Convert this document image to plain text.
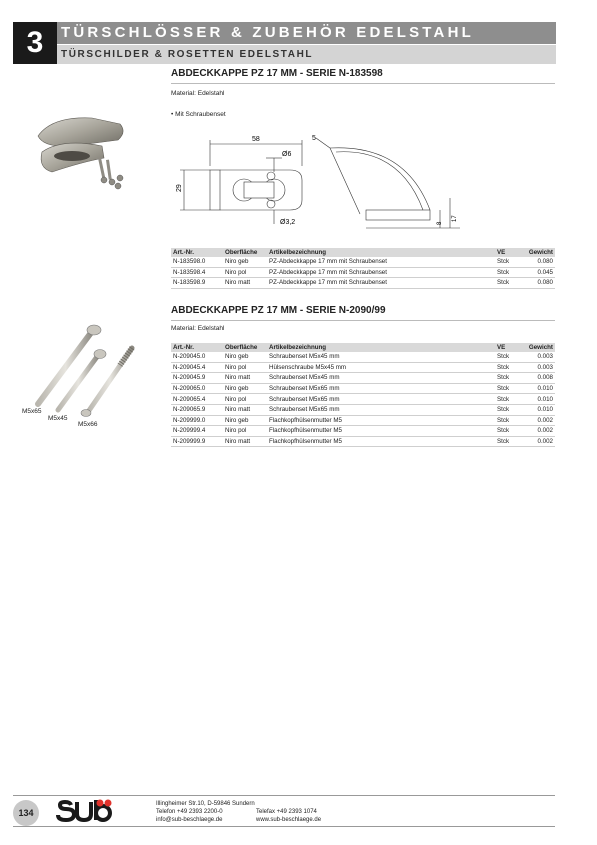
3	TÜRSCHLÖSSER & ZUBEHÖR EDELSTAHL
TÜRSCHILDER & ROSETTEN EDELSTAHL
ABDECKKAPPE PZ 17 MM - SERIE N-183598
Material: Edelstahl
• Mit Schraubenset
58
Ø6
29
Ø3,2
5
8
17
Art.-Nr.	Oberfläche	Artikelbezeichnung	VE	Gewicht
N-183598.0	Niro geb	PZ-Abdeckkappe 17 mm mit Schraubenset	Stck	0.080
N-183598.4	Niro pol	PZ-Abdeckkappe 17 mm mit Schraubenset	Stck	0.045
N-183598.9	Niro matt	PZ-Abdeckkappe 17 mm mit Schraubenset	Stck	0.080
ABDECKKAPPE PZ 17 MM - SERIE N-2090/99
Material: Edelstahl
M5x65
M5x45
M5x66
Art.-Nr.	Oberfläche	Artikelbezeichnung	VE	Gewicht
N-209045.0	Niro geb	Schraubenset M5x45 mm	Stck	0.003
N-209045.4	Niro pol	Hülsenschraube M5x45 mm	Stck	0.003
N-209045.9	Niro matt	Schraubenset M5x45 mm	Stck	0.008
N-209065.0	Niro geb	Schraubenset M5x65 mm	Stck	0.010
N-209065.4	Niro pol	Schraubenset M5x65 mm	Stck	0.010
N-209065.9	Niro matt	Schraubenset M5x65 mm	Stck	0.010
N-209999.0	Niro geb	Flachkopfhülsenmutter M5	Stck	0.002
N-209999.4	Niro pol	Flachkopfhülsenmutter M5	Stck	0.002
N-209999.9	Niro matt	Flachkopfhülsenmutter M5	Stck	0.002
134
Illingheimer Str.10, D-59846 Sundern
Telefon +49 2393 2200-0
info@sub-beschlaege.de
Telefax +49 2393 1074
www.sub-beschlaege.de
